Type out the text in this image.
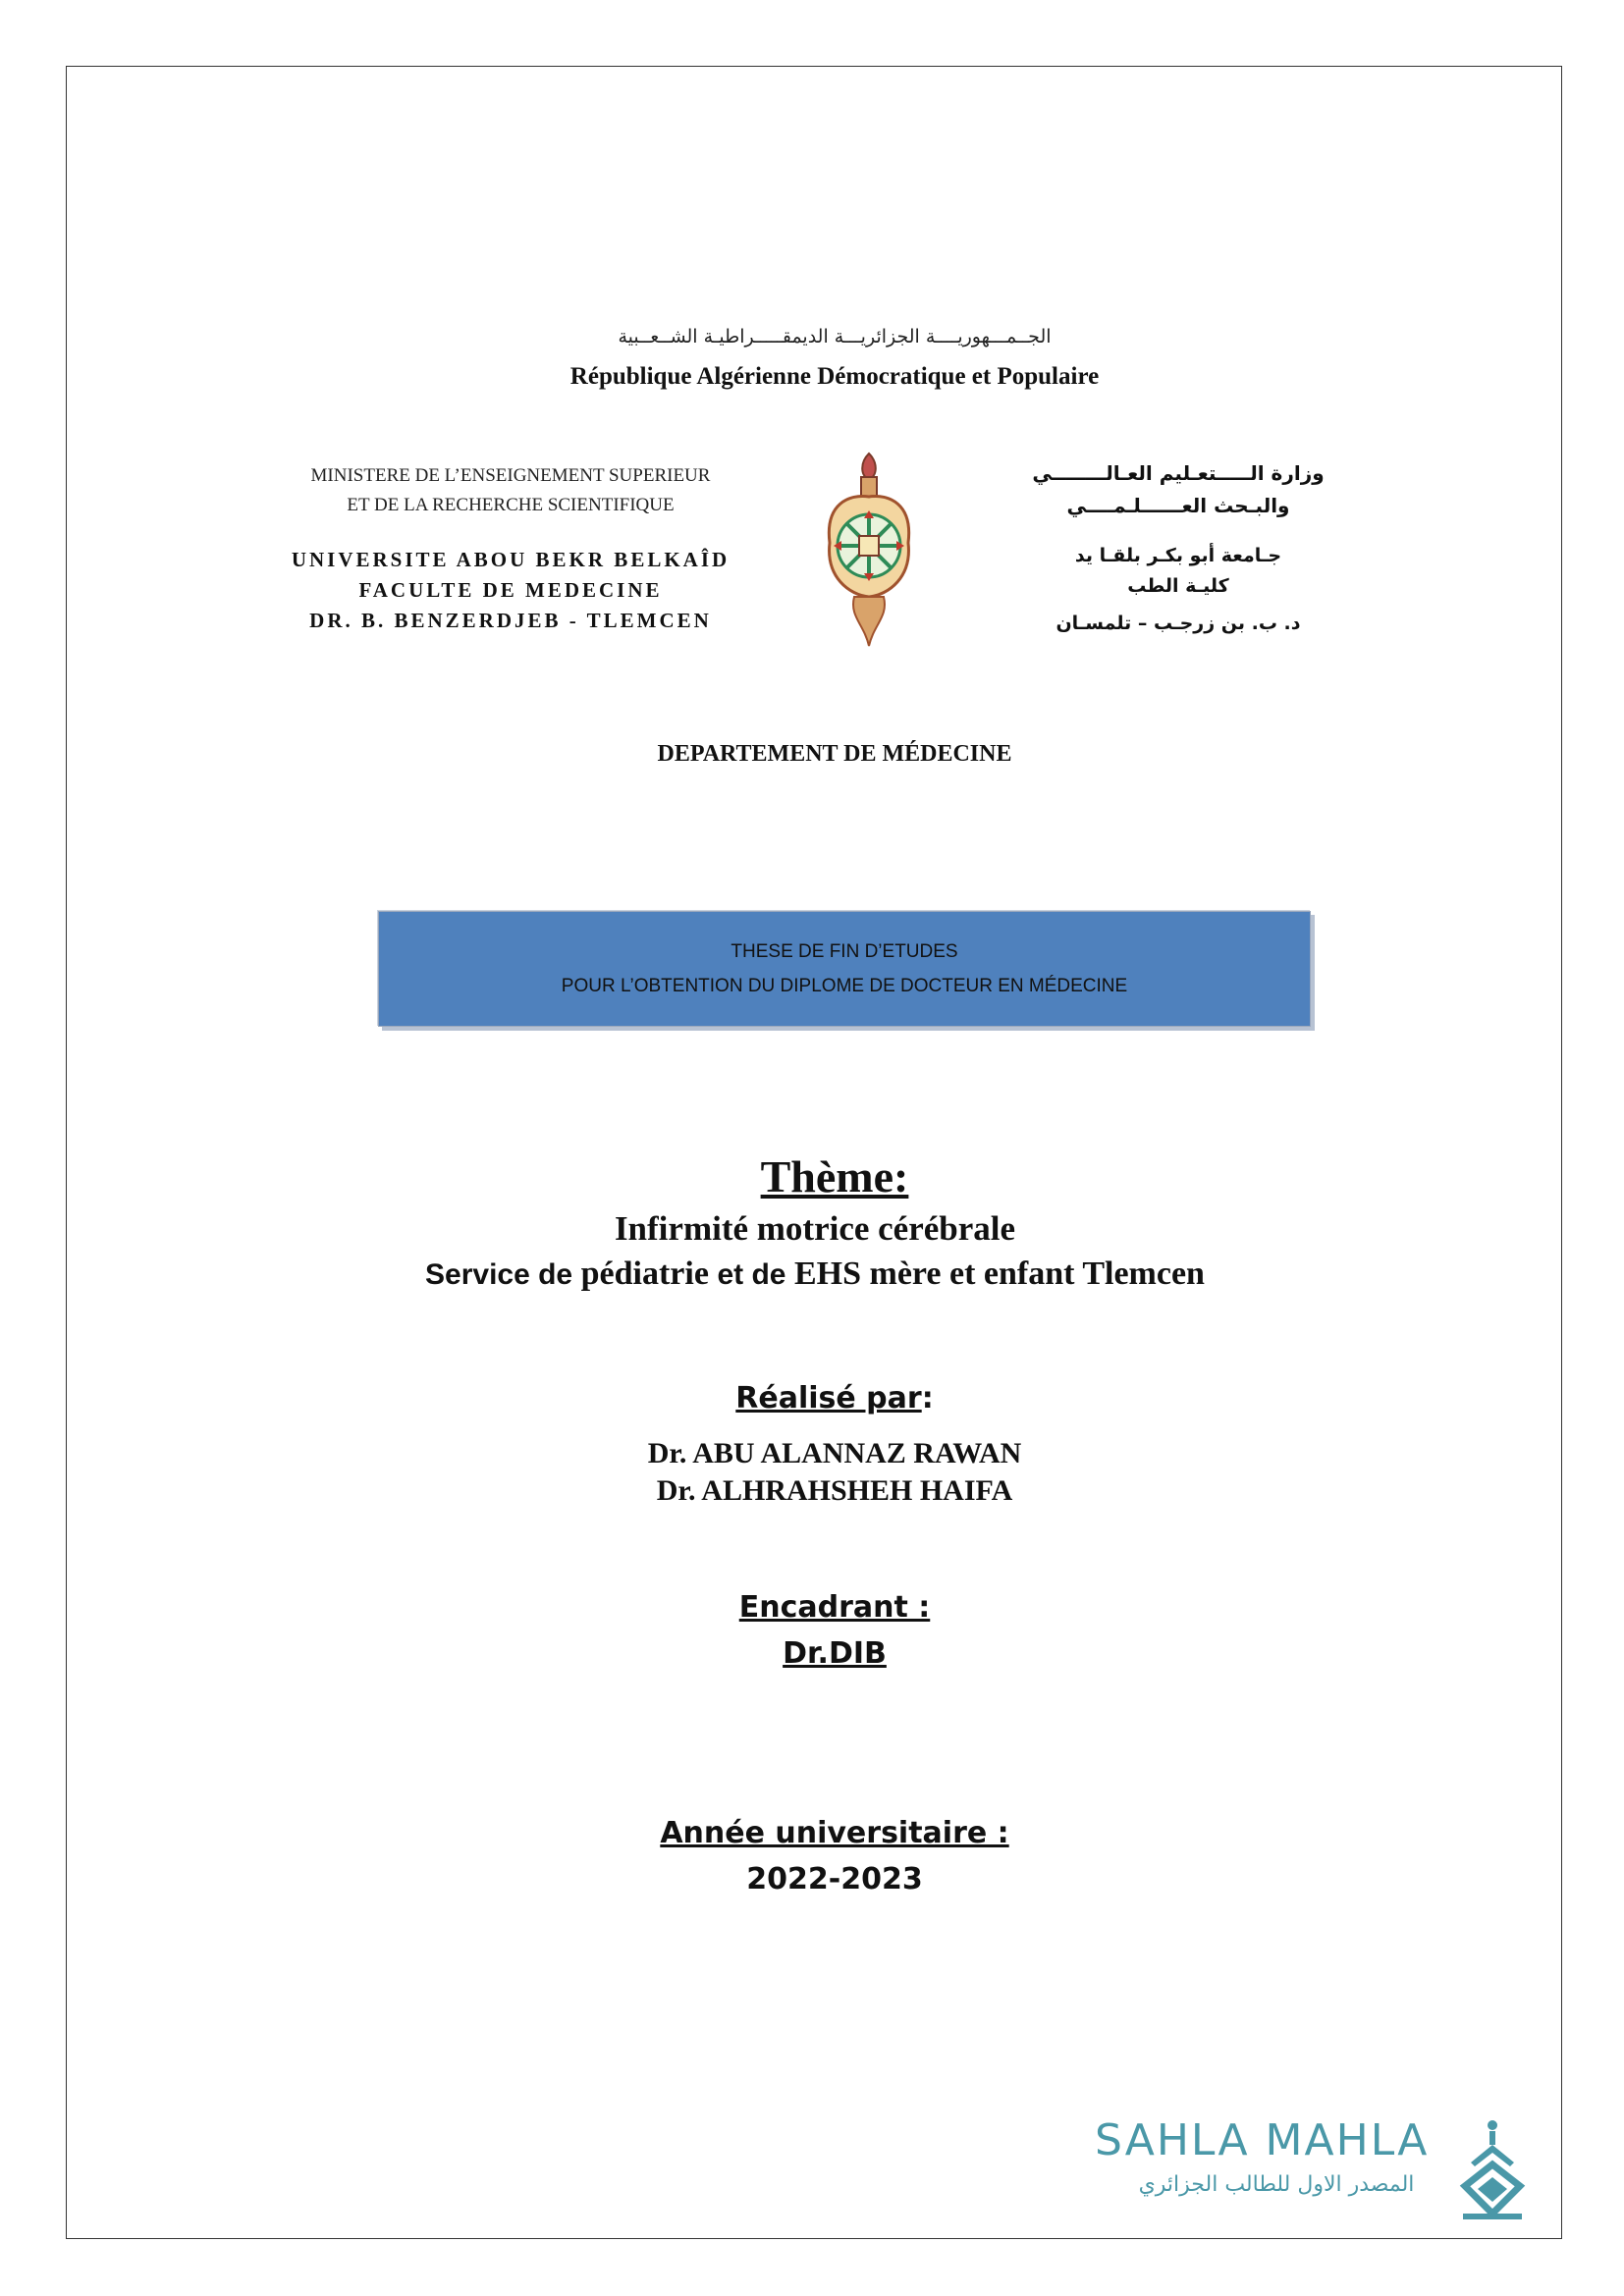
الجــمـــهوريــــة الجزائريـــة الديمقـــــراطيـة الشــعــبية
République Algérienne Démocratique et Populaire
MINISTERE DE L’ENSEIGNEMENT SUPERIEUR
ET DE LA RECHERCHE SCIENTIFIQUE
UNIVERSITE ABOU BEKR BELKAÎD
FACULTE DE MEDECINE
DR. B. BENZERDJEB - TLEMCEN
وزارة الـــــتعـليم العـالــــــــي
والبـحث العــــــلـمــــي
جـامعة أبو بكـر بلقـا يد
كليـة الطب
د. ب. بن زرجـب – تلمسـان
DEPARTEMENT DE MÉDECINE
THESE DE FIN D’ETUDES
POUR L’OBTENTION DU DIPLOME DE DOCTEUR EN MÉDECINE
Thème:
Infirmité motrice cérébrale
Service de pédiatrie et de EHS mère et enfant Tlemcen
Réalisé par:
Dr. ABU ALANNAZ RAWAN
Dr. ALHRAHSHEH HAIFA
Encadrant :
Dr.DIB
Année universitaire :
2022-2023
SAHLA MAHLA
المصدر الاول للطالب الجزائري
